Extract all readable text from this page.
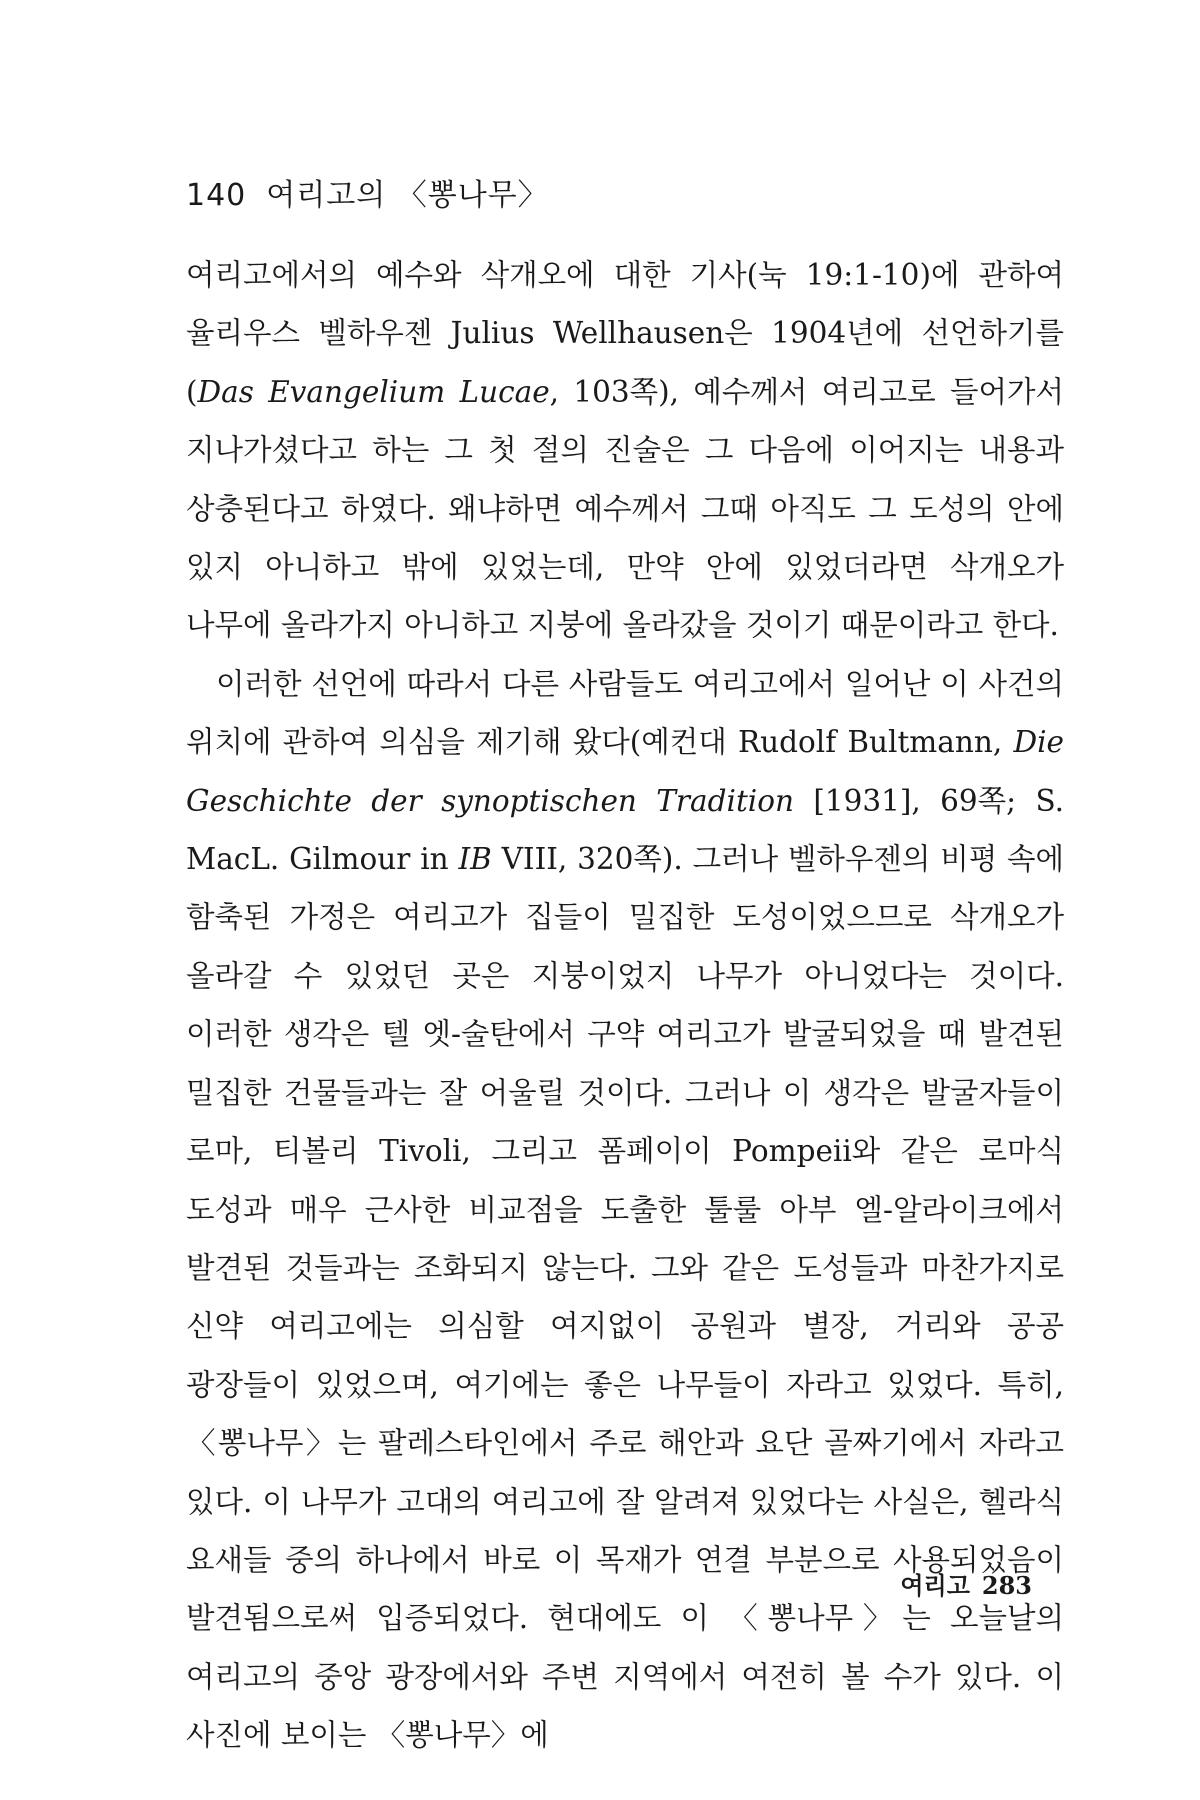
140 여리고의 〈뽕나무〉

여리고에서의 예수와 삭개오에 대한 기사(눅 19:1-10)에 관하여 율리우스 벨하우젠 Julius Wellhausen은 1904년에 선언하기를(Das Evangelium Lucae, 103쪽), 예수께서 여리고로 들어가서 지나가셨다고 하는 그 첫 절의 진술은 그 다음에 이어지는 내용과 상충된다고 하였다. 왜냐하면 예수께서 그때 아직도 그 도성의 안에 있지 아니하고 밖에 있었는데, 만약 안에 있었더라면 삭개오가 나무에 올라가지 아니하고 지붕에 올라갔을 것이기 때문이라고 한다.

이러한 선언에 따라서 다른 사람들도 여리고에서 일어난 이 사건의 위치에 관하여 의심을 제기해 왔다(예컨대 Rudolf Bultmann, Die Geschichte der synoptischen Tradition [1931], 69쪽; S. MacL. Gilmour in IB VIII, 320쪽). 그러나 벨하우젠의 비평 속에 함축된 가정은 여리고가 집들이 밀집한 도성이었으므로 삭개오가 올라갈 수 있었던 곳은 지붕이었지 나무가 아니었다는 것이다. 이러한 생각은 텔 엣-술탄에서 구약 여리고가 발굴되었을 때 발견된 밀집한 건물들과는 잘 어울릴 것이다. 그러나 이 생각은 발굴자들이 로마, 티볼리 Tivoli, 그리고 폼페이이 Pompeii와 같은 로마식 도성과 매우 근사한 비교점을 도출한 툴룰 아부 엘-알라이크에서 발견된 것들과는 조화되지 않는다. 그와 같은 도성들과 마찬가지로 신약 여리고에는 의심할 여지없이 공원과 별장, 거리와 공공 광장들이 있었으며, 여기에는 좋은 나무들이 자라고 있었다. 특히, 〈뽕나무〉는 팔레스타인에서 주로 해안과 요단 골짜기에서 자라고 있다. 이 나무가 고대의 여리고에 잘 알려져 있었다는 사실은, 헬라식 요새들 중의 하나에서 바로 이 목재가 연결 부분으로 사용되었음이 발견됨으로써 입증되었다. 현대에도 이 〈뽕나무〉는 오늘날의 여리고의 중앙 광장에서와 주변 지역에서 여전히 볼 수가 있다. 이 사진에 보이는 〈뽕나무〉에

여리고 283
